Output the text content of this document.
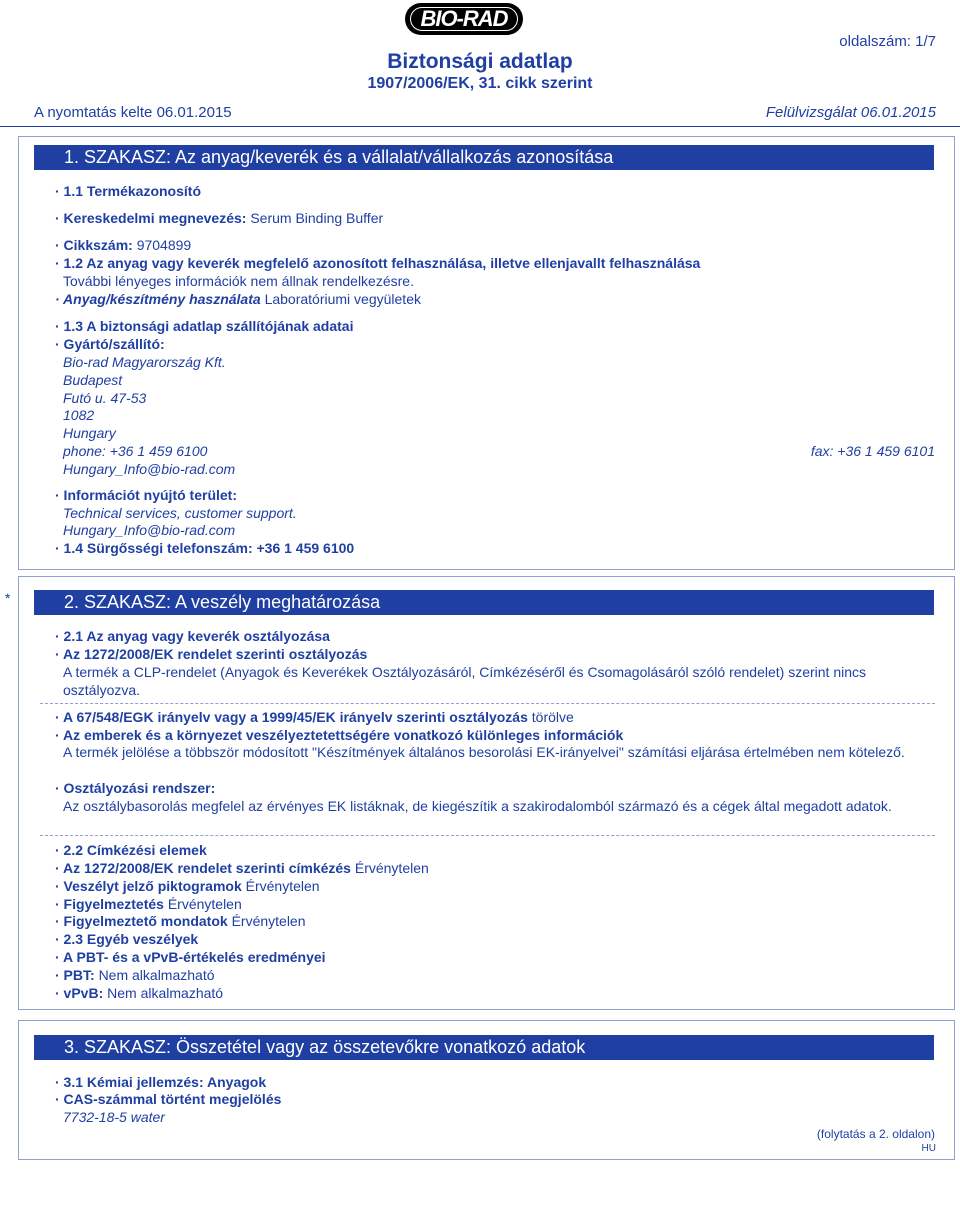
BIO-RAD
oldalszám: 1/7
Biztonsági adatlap
1907/2006/EK, 31. cikk szerint
A nyomtatás kelte 06.01.2015	Felülvizsgálat 06.01.2015
1. SZAKASZ: Az anyag/keverék és a vállalat/vállalkozás azonosítása
· 1.1 Termékazonosító
· Kereskedelmi megnevezés: Serum Binding Buffer
· Cikkszám: 9704899
· 1.2 Az anyag vagy keverék megfelelő azonosított felhasználása, illetve ellenjavallt felhasználása
További lényeges információk nem állnak rendelkezésre.
· Anyag/készítmény használata Laboratóriumi vegyületek
· 1.3 A biztonsági adatlap szállítójának adatai
· Gyártó/szállító:
Bio-rad Magyarország Kft.
Budapest
Futó u. 47-53
1082
Hungary
phone: +36 1 459 6100	fax: +36 1 459 6101
Hungary_Info@bio-rad.com
· Információt nyújtó terület:
Technical services, customer support.
Hungary_Info@bio-rad.com
· 1.4 Sürgősségi telefonszám: +36 1 459 6100
*	2. SZAKASZ: A veszély meghatározása
· 2.1 Az anyag vagy keverék osztályozása
· Az 1272/2008/EK rendelet szerinti osztályozás
A termék a CLP-rendelet (Anyagok és Keverékek Osztályozásáról, Címkézéséről és Csomagolásáról szóló rendelet) szerint nincs osztályozva.
· A 67/548/EGK irányelv vagy a 1999/45/EK irányelv szerinti osztályozás törölve
· Az emberek és a környezet veszélyeztetettségére vonatkozó különleges információk
A termék jelölése a többször módosított "Készítmények általános besorolási EK-irányelvei" számítási eljárása értelmében nem kötelező.
· Osztályozási rendszer:
Az osztálybasorolás megfelel az érvényes EK listáknak, de kiegészítik a szakirodalomból származó és a cégek által megadott adatok.
· 2.2 Címkézési elemek
· Az 1272/2008/EK rendelet szerinti címkézés Érvénytelen
· Veszélyt jelző piktogramok Érvénytelen
· Figyelmeztetés Érvénytelen
· Figyelmeztető mondatok Érvénytelen
· 2.3 Egyéb veszélyek
· A PBT- és a vPvB-értékelés eredményei
· PBT: Nem alkalmazható
· vPvB: Nem alkalmazható
3. SZAKASZ: Összetétel vagy az összetevőkre vonatkozó adatok
· 3.1 Kémiai jellemzés: Anyagok
· CAS-számmal történt megjelölés
7732-18-5 water
(folytatás a 2. oldalon)
HU
